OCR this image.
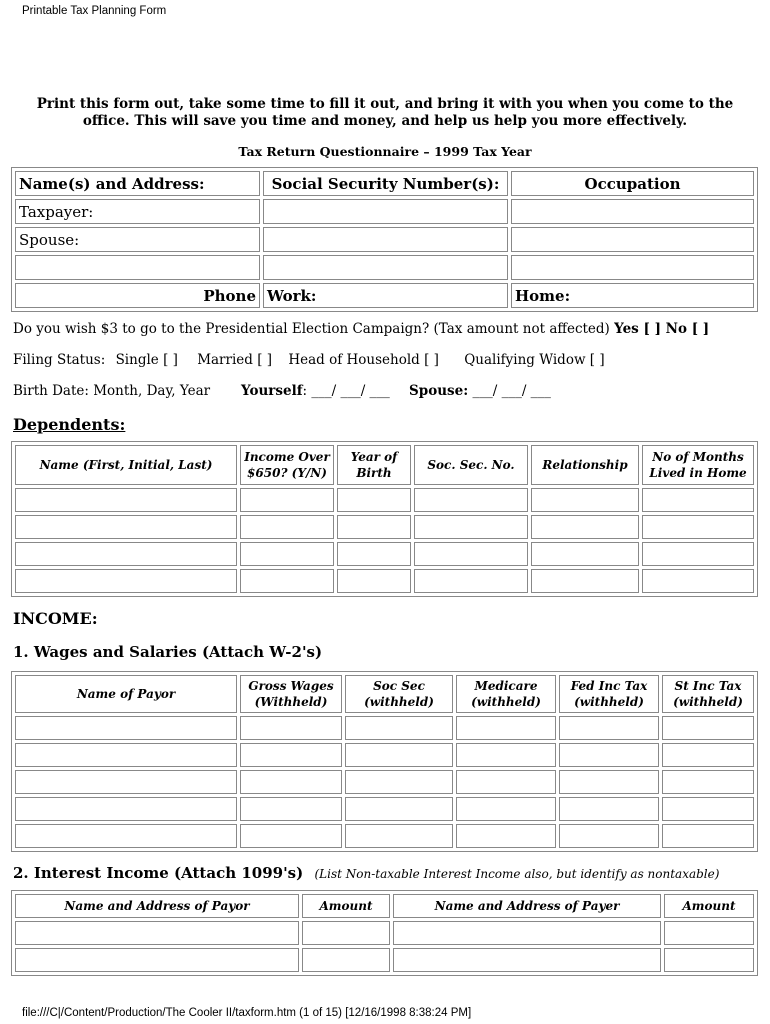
Printable Tax Planning Form
Print this form out, take some time to fill it out, and bring it with you when you come to the office. This will save you time and money, and help us help you more effectively.
Tax Return Questionnaire – 1999 Tax Year
Name(s) and Address:	Social Security Number(s):	Occupation
Taxpayer:		
Spouse:		

Phone	Work:	Home:
Do you wish $3 to go to the Presidential Election Campaign? (Tax amount not affected) Yes [ ] No [ ]
Filing Status: Single [ ] Married [ ] Head of Household [ ] Qualifying Widow [ ]
Birth Date: Month, Day, Year Yourself: ___/ ___/ ___ Spouse: ___/ ___/ ___
Dependents:
Name (First, Initial, Last)	Income Over $650? (Y/N)	Year of Birth	Soc. Sec. No.	Relationship	No of Months Lived in Home

INCOME:
1. Wages and Salaries (Attach W-2's)
Name of Payor	Gross Wages (Withheld)	Soc Sec (withheld)	Medicare (withheld)	Fed Inc Tax (withheld)	St Inc Tax (withheld)

2. Interest Income (Attach 1099's) (List Non-taxable Interest Income also, but identify as nontaxable)
Name and Address of Payor	Amount	Name and Address of Payer	Amount

file:///C|/Content/Production/The Cooler II/taxform.htm (1 of 15) [12/16/1998 8:38:24 PM]
